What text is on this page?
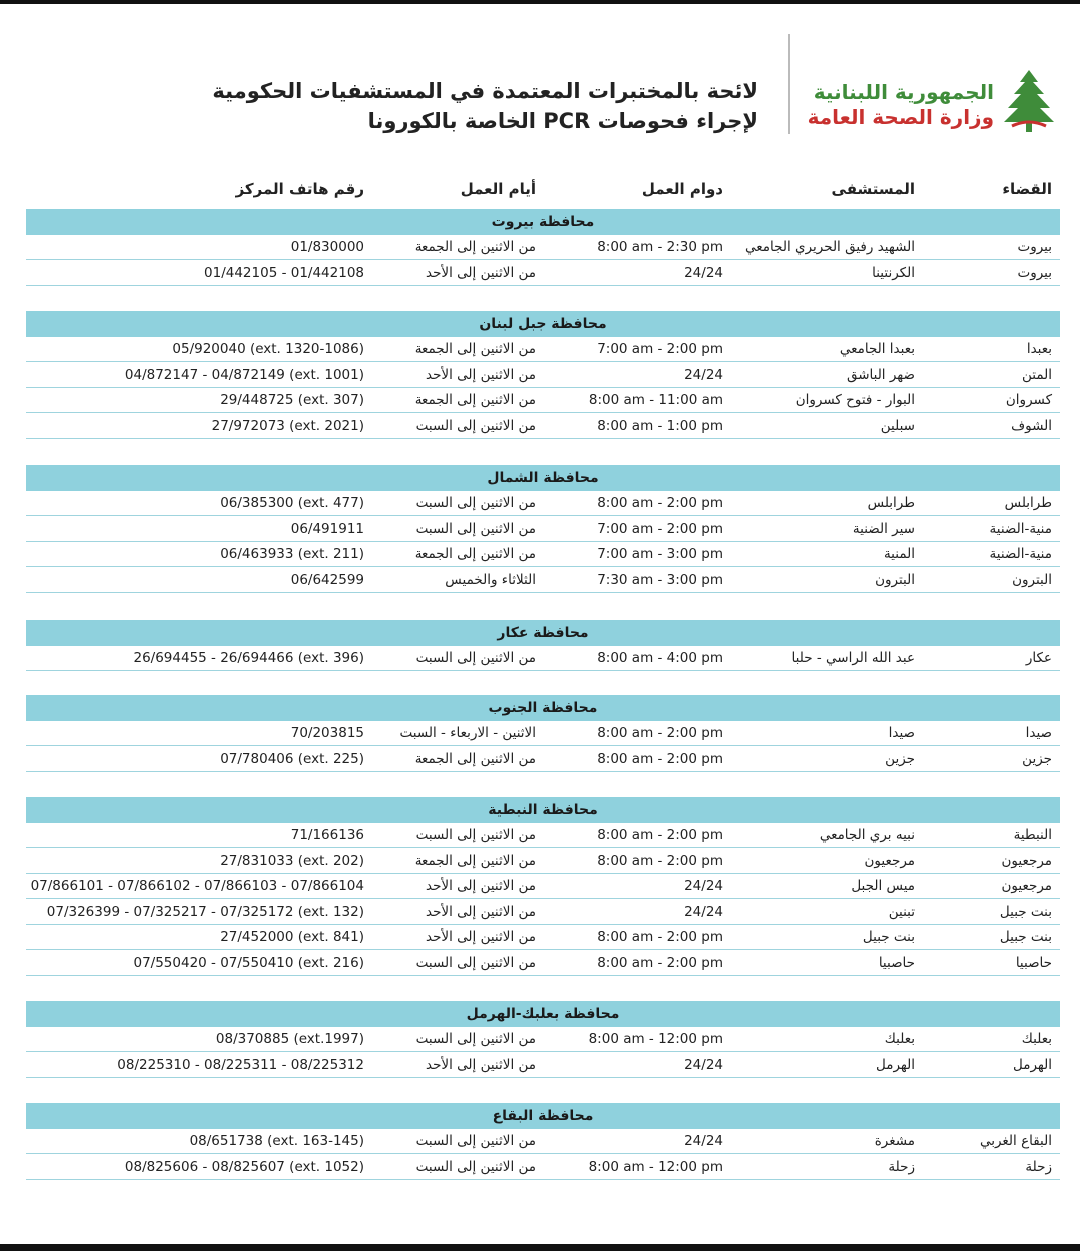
الجمهورية اللبنانية
وزارة الصحة العامة
لائحة بالمختبرات المعتمدة في المستشفيات الحكومية
لإجراء فحوصات PCR الخاصة بالكورونا
القضاء
المستشفى
دوام العمل
أيام العمل
رقم هاتف المركز
محافظة بيروت
بيروت
الشهيد رفيق الحريري الجامعي
8:00 am - 2:30 pm
من الاثنين إلى الجمعة
01/830000
بيروت
الكرنتينا
24/24
من الاثنين إلى الأحد
01/442105 - 01/442108
محافظة جبل لبنان
بعبدا
بعبدا الجامعي
7:00 am - 2:00 pm
من الاثنين إلى الجمعة
05/920040 (ext. 1320-1086)
المتن
ضهر الباشق
24/24
من الاثنين إلى الأحد
04/872147 - 04/872149 (ext. 1001)
كسروان
البوار - فتوح كسروان
8:00 am - 11:00 am
من الاثنين إلى الجمعة
29/448725 (ext. 307)
الشوف
سبلين
8:00 am - 1:00 pm
من الاثنين إلى السبت
27/972073 (ext. 2021)
محافظة الشمال
طرابلس
طرابلس
8:00 am - 2:00 pm
من الاثنين إلى السبت
06/385300 (ext. 477)
منية-الضنية
سير الضنية
7:00 am - 2:00 pm
من الاثنين إلى السبت
06/491911
منية-الضنية
المنية
7:00 am - 3:00 pm
من الاثنين إلى الجمعة
06/463933 (ext. 211)
البترون
البترون
7:30 am - 3:00 pm
الثلاثاء والخميس
06/642599
محافظة عكار
عكار
عبد الله الراسي - حلبا
8:00 am - 4:00 pm
من الاثنين إلى السبت
26/694455 - 26/694466 (ext. 396)
محافظة الجنوب
صيدا
صيدا
8:00 am - 2:00 pm
الاثنين - الاربعاء - السبت
70/203815
جزين
جزين
8:00 am - 2:00 pm
من الاثنين إلى الجمعة
07/780406 (ext. 225)
محافظة النبطية
النبطية
نبيه بري الجامعي
8:00 am - 2:00 pm
من الاثنين إلى السبت
71/166136
مرجعيون
مرجعيون
8:00 am - 2:00 pm
من الاثنين إلى الجمعة
27/831033 (ext. 202)
مرجعيون
ميس الجبل
24/24
من الاثنين إلى الأحد
07/866101 - 07/866102 - 07/866103 - 07/866104
بنت جبيل
تبنين
24/24
من الاثنين إلى الأحد
07/326399 - 07/325217 - 07/325172 (ext. 132)
بنت جبيل
بنت جبيل
8:00 am - 2:00 pm
من الاثنين إلى الأحد
27/452000 (ext. 841)
حاصبيا
حاصبيا
8:00 am - 2:00 pm
من الاثنين إلى السبت
07/550420 - 07/550410 (ext. 216)
محافظة بعلبك-الهرمل
بعلبك
بعلبك
8:00 am - 12:00 pm
من الاثنين إلى السبت
08/370885 (ext.1997)
الهرمل
الهرمل
24/24
من الاثنين إلى الأحد
08/225310 - 08/225311 - 08/225312
محافظة البقاع
البقاع الغربي
مشغرة
24/24
من الاثنين إلى السبت
08/651738 (ext. 163-145)
زحلة
زحلة
8:00 am - 12:00 pm
من الاثنين إلى السبت
08/825606 - 08/825607 (ext. 1052)
